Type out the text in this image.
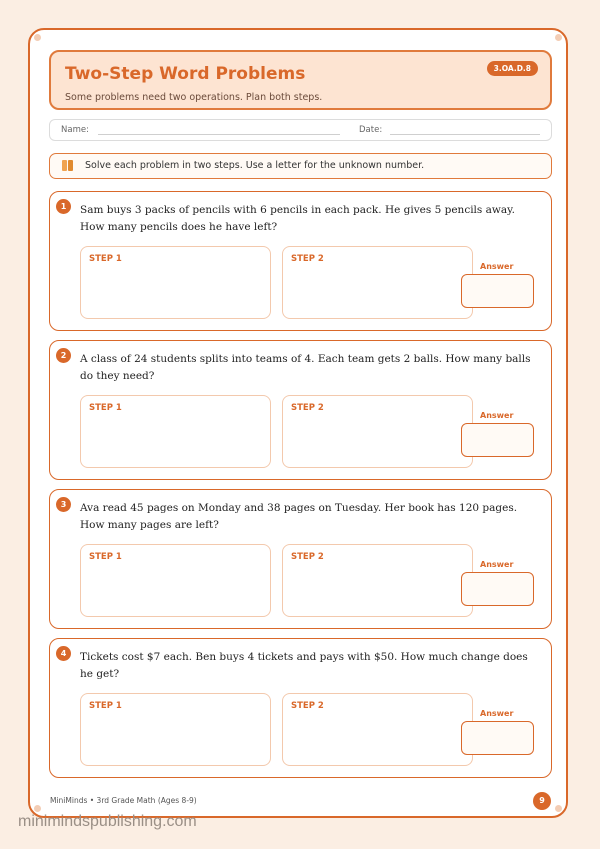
Two-Step Word Problems
Some problems need two operations. Plan both steps.
3.OA.D.8
Name:	Date:
Solve each problem in two steps. Use a letter for the unknown number.
1	Sam buys 3 packs of pencils with 6 pencils in each pack. He gives 5 pencils away. How many pencils does he have left?
STEP 1	STEP 2
Answer
2	A class of 24 students splits into teams of 4. Each team gets 2 balls. How many balls do they need?
STEP 1	STEP 2
Answer
3	Ava read 45 pages on Monday and 38 pages on Tuesday. Her book has 120 pages. How many pages are left?
STEP 1	STEP 2
Answer
4	Tickets cost $7 each. Ben buys 4 tickets and pays with $50. How much change does he get?
STEP 1	STEP 2
Answer
MiniMinds • 3rd Grade Math (Ages 8-9)	9
minimindspublishing.com
